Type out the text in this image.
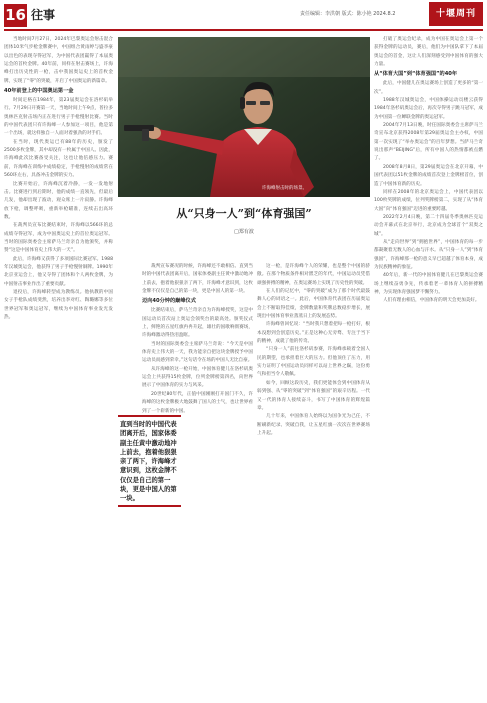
16 往事	责任编辑：李洪朝 版式：陈小艳 2024.8.2	十堰周刊

当地时间7月27日，2024年巴黎奥运会射击混合团体10米气步枪金牌赛中，中国组合黄雨婷与盛李豪以出色的表现夺得冠军，为中国代表团赢得了本届奥运会的首枚金牌。40年前，同样在射击赛场上，许海峰打出历史性的一枪，击中我国奥运史上的首枚金牌，实现了“零”的突破，开启了中国奥运的新篇章。

40年前登上的中国奥运第一金

时间定格在1984年，第23届奥运会在洛杉矶举行。7月29日开赛第一天，当地时间上午9点，普拉多奥林匹克射击场内正在进行男子手枪慢射比赛。当时的中国代表团只有许海峰一人参加这一项目，他是第一个出场，就这样独自一人面对着强劲的对手们。

在当时，现代奥运已有88年的历史，颁发了2500多枚金牌，其中却没有一枚属于中国人。因此，许海峰此次比赛备受关注，这也让他倍感压力。赛前，许海峰在训练中成绩稳定，手枪慢射的成绩常在560环左右，具备冲击金牌的实力。

比赛开始后，许海峰沉着冷静，一发一发地射击。比赛进行到后期时，他的成绩一直领先，但最后几发，他却出现了波动，观众席上一片寂静。许海峰放下枪，调整呼吸，重新举枪瞄准，连续击出高环数。

在裁判员宣布比赛结束时，许海峰以566环的总成绩夺得冠军，成为中国奥运史上的首位奥运冠军。当时的国际奥委会主席萨马兰奇亲自为他颁奖，并称赞“这是中国体育史上伟大的一天”。

此后，许海峰又获得了多项国际比赛冠军。1988年汉城奥运会，他获得了男子手枪慢射铜牌。1990年北京亚运会上，他又夺得了团体和个人两枚金牌，为中国射击事业作出了重要贡献。

退役后，许海峰转型成为教练员。他执教的中国女子手枪队成绩斐然，培养出李对红、陶璐娜等多位世界冠军和奥运冠军，继续为中国体育事业发光发热。

许海峰射击时的场景。
从“只身一人”到“体育强国”
□郑有波

裁判宣布赛况的时候，许海峰还不敢相信。直到当时的中国代表团离开后，国家体委副主任黄中激动地冲上前去，抱着他狠狠亲了两下，许海峰才意识到，这枚金牌不仅仅是自己的第一块，更是中国人的第一块。

迈向40分钟的巅峰仪式

比赛结束后，萨马兰奇亲自为许海峰授奖，这是中国运动员首次站上奥运会领奖台的最高处。颁奖仪式上，鲜艳的五星红旗冉冉升起，雄壮的国歌响彻赛场，许海峰激动得热泪盈眶。

当时的国际奥委会主席萨马兰奇说：“今天是中国体育史上伟大的一天，我为能亲自把这块金牌授予中国运动员而感到荣幸。”这句话令在场的中国人无比自豪。

从许海峰的这一枪开始，中国体育健儿在洛杉矶奥运会上共获得15枚金牌，位列金牌榜第四名，向世界展示了中国体育的实力与风采。

20世纪80年代，正值中国刚刚打开国门不久，许海峰的这枚金牌极大地鼓舞了国人的士气，也让世界看到了一个崭新的中国。

这一枪，是许海峰个人的荣耀，也是整个中国的骄傲。在那个物质条件相对匮乏的年代，中国运动员凭借顽强拼搏的精神，在奥运赛场上实现了历史性的突破。

在人们的记忆中，“零的突破”成为了那个时代最鼓舞人心的词语之一。此后，中国体育代表团在历届奥运会上不断取得佳绩，金牌数量和奖牌总数稳步增长，展现出中国体育事业蒸蒸日上的发展态势。

许海峰曾回忆说：“当时我只想着把每一枪打好，根本没想到会创造历史。”正是这种心无旁骛、专注于当下的精神，成就了他的传奇。

“只身一人”前往洛杉矶参赛，许海峰承载着全国人民的期望，也承担着巨大的压力。但他顶住了压力，用实力证明了中国运动员同样可以站上世界之巅，这份勇气和担当令人敬佩。

如今，回顾这段历史，我们更能体会到中国体育从弱到强、从“零的突破”到“体育强国”的艰辛历程。一代又一代的体育人接续奋斗，书写了中国体育的辉煌篇章。

几十年来，中国体育人始终以为国争光为己任，不断刷新纪录、突破自我，让五星红旗一次次在世界赛场上升起。

打破了奥运会纪录，成为中国在奥运会上第一个获得金牌的运动员，赛后，他们为中国队拿下了本届奥运会的首金，这让人们深刻感受到中国体育的强大力量。

从“体育大国”到“体育强国”的40年

此后，中国健儿在奥运赛场上创造了更多的“第一次”。

1988年汉城奥运会，中国体操运动员楼云获得1984年洛杉矶奥运会后，再次夺得男子跳马冠军，成为中国第一位蝉联金牌的奥运冠军。

2004年7月13日晚，时任国际奥委会主席萨马兰奇宣布北京获得2008年第29届奥运会主办权，中国第一次实现了“举办奥运会”的百年梦想。当萨马兰奇说出那声“BEIJING”后，所有中国人的热情都被点燃了。

2008年8月8日，第29届奥运会在北京开幕，中国代表团以51枚金牌的成绩首次登上金牌榜首位，创造了中国体育新的历史。

同样在2008年的北京奥运会上，中国代表团以100枚奖牌的成绩，位列奖牌榜第二，实现了从“体育大国”向“体育强国”迈进的重要跨越。

2022年2月4日晚，第二十四届冬季奥林匹克运动会开幕式在北京举行，北京成为全球首个“双奥之城”。

从“走向世界”到“拥抱世界”，中国体育的每一步都凝聚着无数人的心血与汗水。从“只身一人”到“体育强国”，许海峰那一枪的意义早已超越了体育本身，成为民族精神的象征。

40年后，新一代的中国体育健儿在巴黎奥运会赛场上继续奋勇争先，传承着老一辈体育人的拼搏精神，为实现体育强国梦不懈努力。

人们有理由相信，中国体育的明天会更加美好。

直到当时的中国代表团离开后，国家体委副主任黄中激动地冲上前去，抱着他狠狠亲了两下，许海峰才意识到，这枚金牌不仅仅是自己的第一块，更是中国人的第一块。
